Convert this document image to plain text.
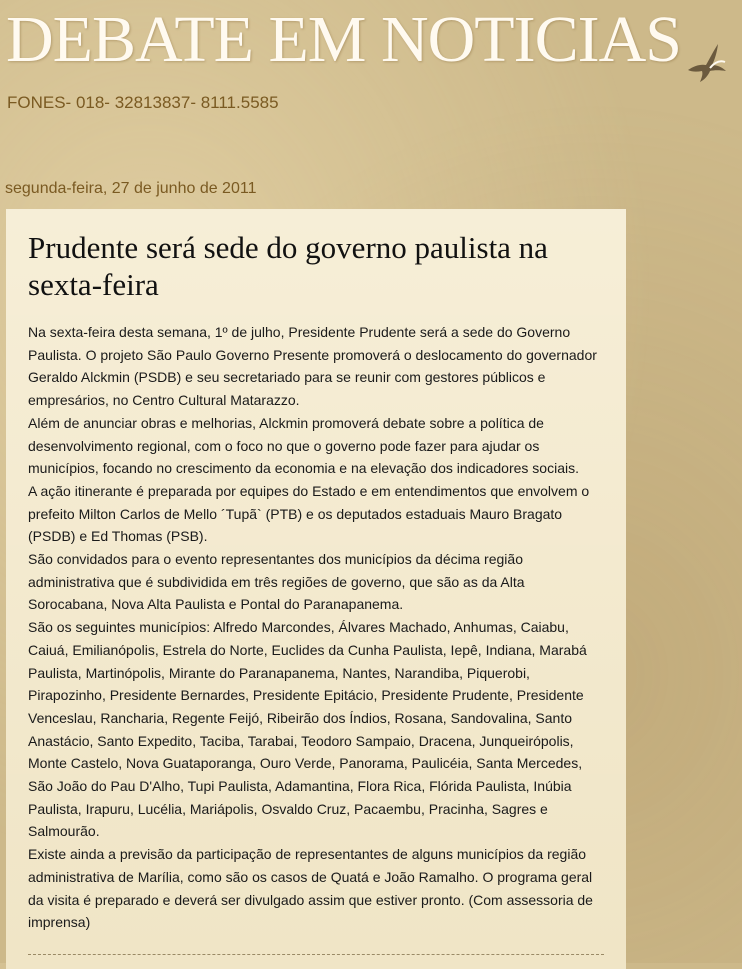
DEBATE EM NOTICIAS
FONES- 018- 32813837- 8111.5585
segunda-feira, 27 de junho de 2011
Prudente será sede do governo paulista na sexta-feira

Na sexta-feira desta semana, 1º de julho, Presidente Prudente será a sede do Governo Paulista. O projeto São Paulo Governo Presente promoverá o deslocamento do governador Geraldo Alckmin (PSDB) e seu secretariado para se reunir com gestores públicos e empresários, no Centro Cultural Matarazzo.

Além de anunciar obras e melhorias, Alckmin promoverá debate sobre a política de desenvolvimento regional, com o foco no que o governo pode fazer para ajudar os municípios, focando no crescimento da economia e na elevação dos indicadores sociais.

A ação itinerante é preparada por equipes do Estado e em entendimentos que envolvem o prefeito Milton Carlos de Mello ´Tupã` (PTB) e os deputados estaduais Mauro Bragato (PSDB) e Ed Thomas (PSB).

São convidados para o evento representantes dos municípios da décima região administrativa que é subdividida em três regiões de governo, que são as da Alta Sorocabana, Nova Alta Paulista e Pontal do Paranapanema.

São os seguintes municípios: Alfredo Marcondes, Álvares Machado, Anhumas, Caiabu, Caiuá, Emilianópolis, Estrela do Norte, Euclides da Cunha Paulista, Iepê, Indiana, Marabá Paulista, Martinópolis, Mirante do Paranapanema, Nantes, Narandiba, Piquerobi, Pirapozinho, Presidente Bernardes, Presidente Epitácio, Presidente Prudente, Presidente Venceslau, Rancharia, Regente Feijó, Ribeirão dos Índios, Rosana, Sandovalina, Santo Anastácio, Santo Expedito, Taciba, Tarabai, Teodoro Sampaio, Dracena, Junqueirópolis, Monte Castelo, Nova Guataporanga, Ouro Verde, Panorama, Paulicéia, Santa Mercedes, São João do Pau D'Alho, Tupi Paulista, Adamantina, Flora Rica, Flórida Paulista, Inúbia Paulista, Irapuru, Lucélia, Mariápolis, Osvaldo Cruz, Pacaembu, Pracinha, Sagres e Salmourão.

Existe ainda a previsão da participação de representantes de alguns municípios da região administrativa de Marília, como são os casos de Quatá e João Ramalho. O programa geral da visita é preparado e deverá ser divulgado assim que estiver pronto. (Com assessoria de imprensa)
